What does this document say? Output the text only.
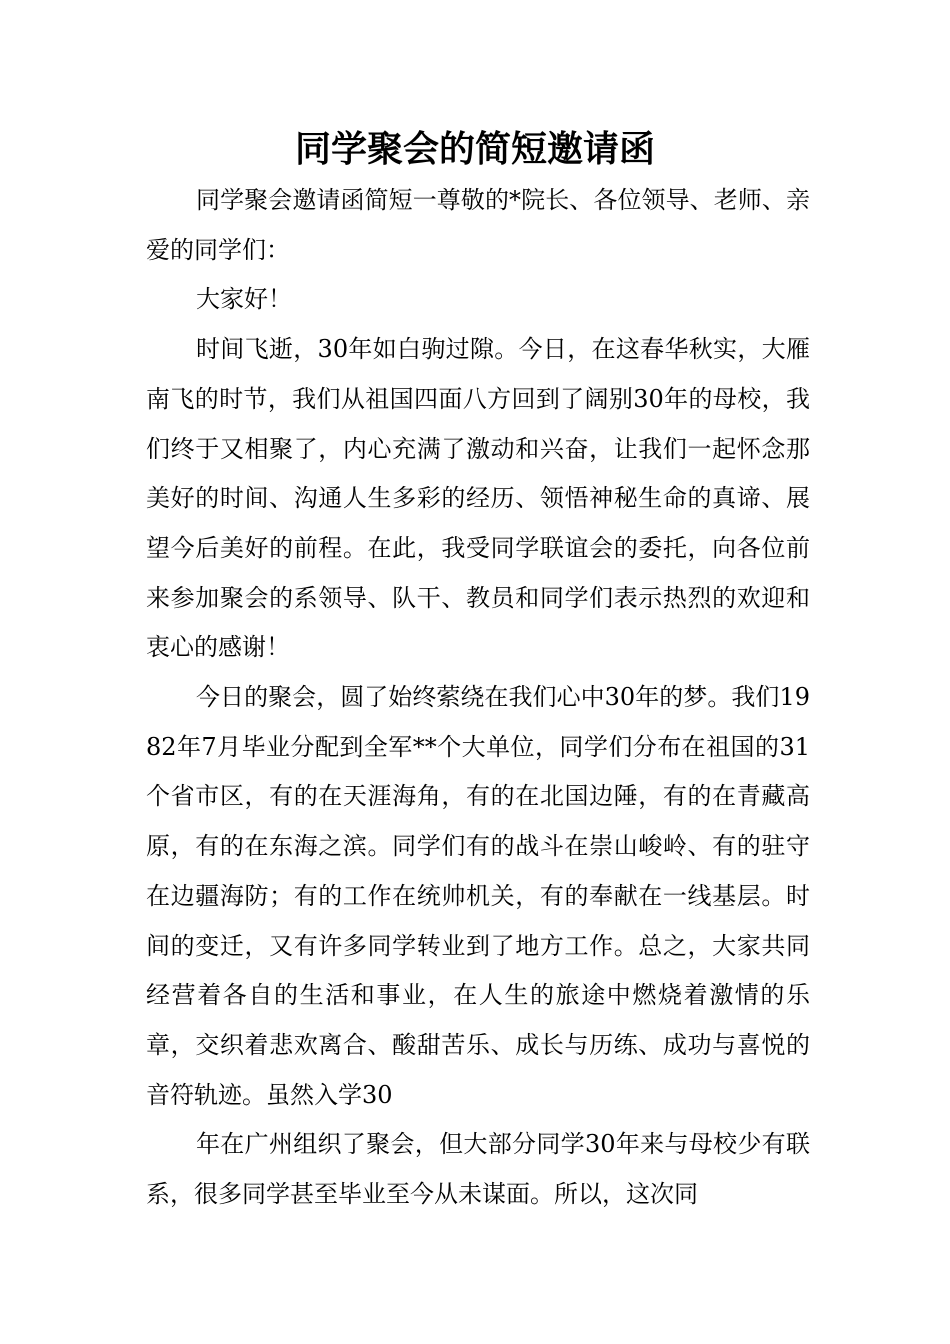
同学聚会的简短邀请函

同学聚会邀请函简短一尊敬的*院长、各位领导、老师、亲爱的同学们：

大家好！

时间飞逝，30年如白驹过隙。今日，在这春华秋实，大雁南飞的时节，我们从祖国四面八方回到了阔别30年的母校，我们终于又相聚了，内心充满了激动和兴奋，让我们一起怀念那美好的时间、沟通人生多彩的经历、领悟神秘生命的真谛、展望今后美好的前程。在此，我受同学联谊会的委托，向各位前来参加聚会的系领导、队干、教员和同学们表示热烈的欢迎和衷心的感谢！

今日的聚会，圆了始终萦绕在我们心中30年的梦。我们1982年7月毕业分配到全军**个大单位，同学们分布在祖国的31个省市区，有的在天涯海角，有的在北国边陲，有的在青藏高原，有的在东海之滨。同学们有的战斗在崇山峻岭、有的驻守在边疆海防；有的工作在统帅机关，有的奉献在一线基层。时间的变迁，又有许多同学转业到了地方工作。总之，大家共同经营着各自的生活和事业，在人生的旅途中燃烧着激情的乐章，交织着悲欢离合、酸甜苦乐、成长与历练、成功与喜悦的音符轨迹。虽然入学30

年在广州组织了聚会，但大部分同学30年来与母校少有联系，很多同学甚至毕业至今从未谋面。所以，这次同
